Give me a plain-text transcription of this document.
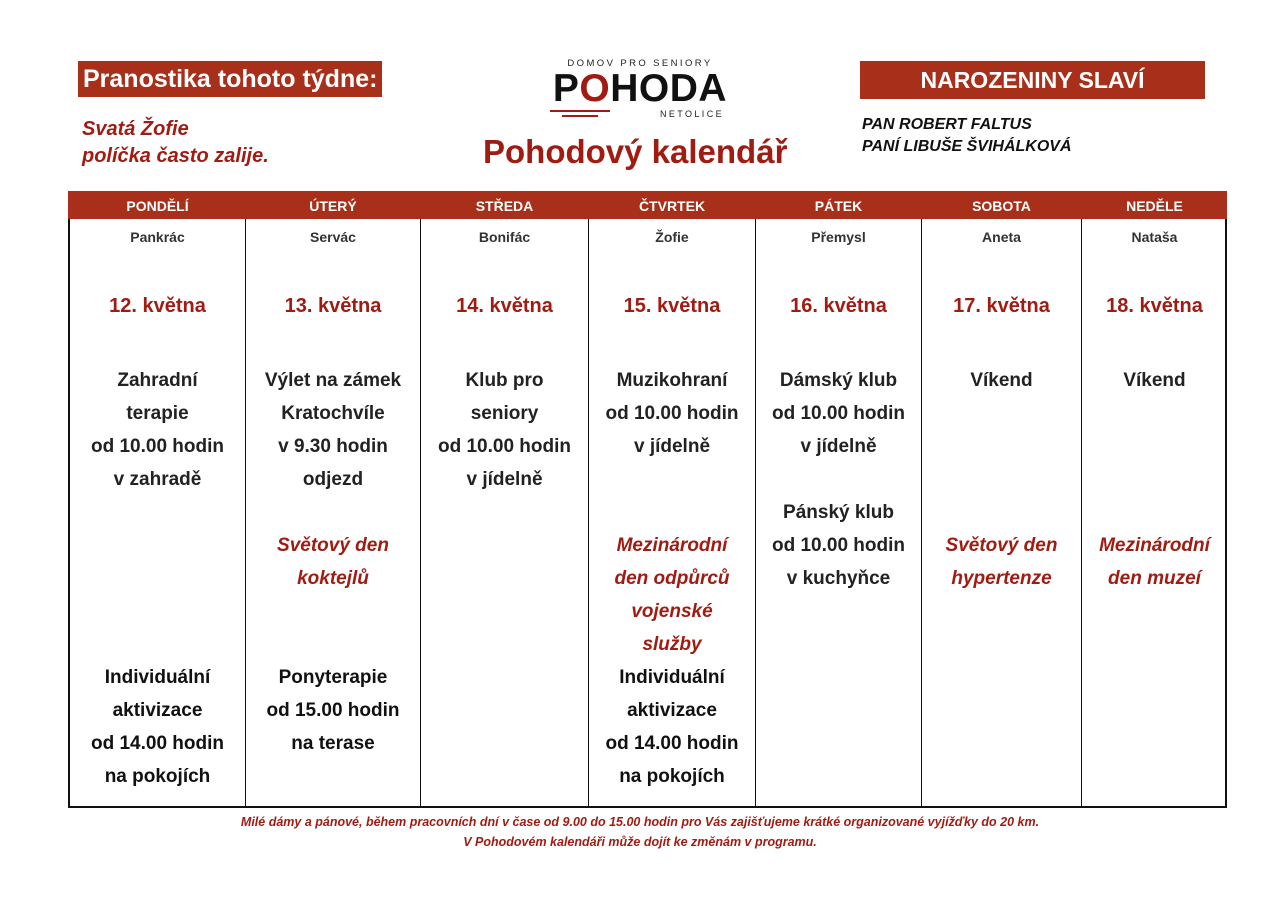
Pranostika tohoto týdne:
Svatá Žofie
políčka často zalije.
DOMOV PRO SENIORY
POHODA
NETOLICE
Pohodový kalendář
NAROZENINY SLAVÍ
PAN ROBERT FALTUS
PANÍ LIBUŠE ŠVIHÁLKOVÁ
PONDĚLÍ
Pankrác
12. května
Zahradní
terapie
od 10.00 hodin
v zahradě
Individuální
aktivizace
od 14.00 hodin
na pokojích
ÚTERÝ
Servác
13. května
Výlet na zámek
Kratochvíle
v 9.30 hodin
odjezd
Světový den
koktejlů
Ponyterapie
od 15.00 hodin
na terase
STŘEDA
Bonifác
14. května
Klub pro
seniory
od 10.00 hodin
v jídelně
ČTVRTEK
Žofie
15. května
Muzikohraní
od 10.00 hodin
v jídelně
Mezinárodní
den odpůrců
vojenské
služby
Individuální
aktivizace
od 14.00 hodin
na pokojích
PÁTEK
Přemysl
16. května
Dámský klub
od 10.00 hodin
v jídelně
Pánský klub
od 10.00 hodin
v kuchyňce
SOBOTA
Aneta
17. května
Víkend
Světový den
hypertenze
NEDĚLE
Nataša
18. května
Víkend
Mezinárodní
den muzeí
Milé dámy a pánové, během pracovních dní v čase od 9.00 do 15.00 hodin pro Vás zajišťujeme krátké organizované vyjížďky do 20 km.
V Pohodovém kalendáři může dojít ke změnám v programu.
